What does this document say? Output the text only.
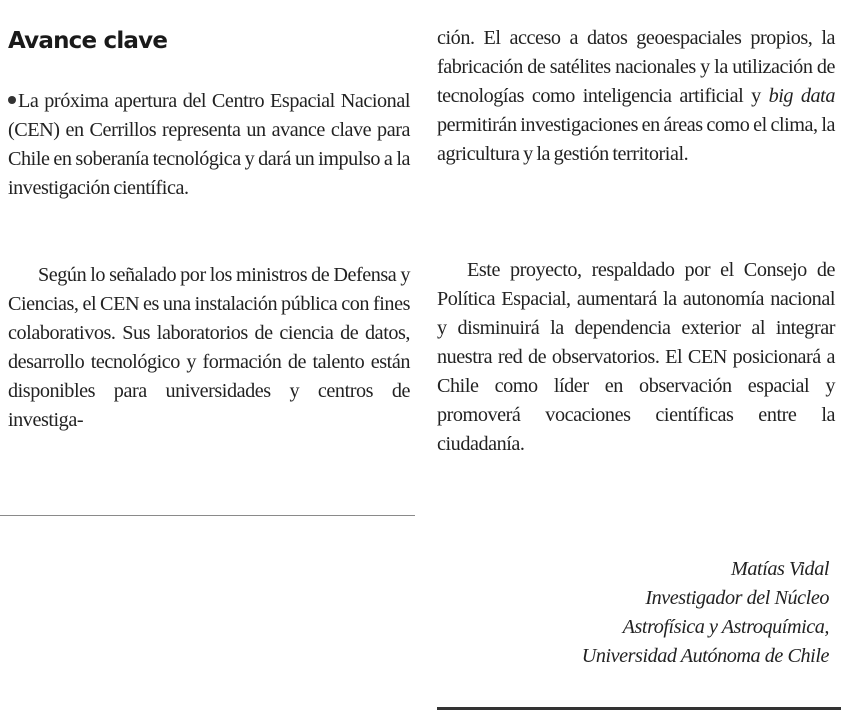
Avance clave

La próxima apertura del Centro Espacial Nacional (CEN) en Cerrillos representa un avance clave para Chile en soberanía tecnológica y dará un impulso a la investigación científica.

Según lo señalado por los ministros de Defensa y Ciencias, el CEN es una instalación pública con fines colaborativos. Sus laboratorios de ciencia de datos, desarrollo tecnológico y formación de talento están disponibles para universidades y centros de investiga-

ción. El acceso a datos geoespaciales propios, la fabricación de satélites nacionales y la utilización de tecnologías como inteligencia artificial y big data permitirán investigaciones en áreas como el clima, la agricultura y la gestión territorial.

Este proyecto, respaldado por el Consejo de Política Espacial, aumentará la autonomía nacional y disminuirá la dependencia exterior al integrar nuestra red de observatorios. El CEN posicionará a Chile como líder en observación espacial y promoverá vocaciones científicas entre la ciudadanía.

Matías Vidal
Investigador del Núcleo
Astrofísica y Astroquímica,
Universidad Autónoma de Chile
